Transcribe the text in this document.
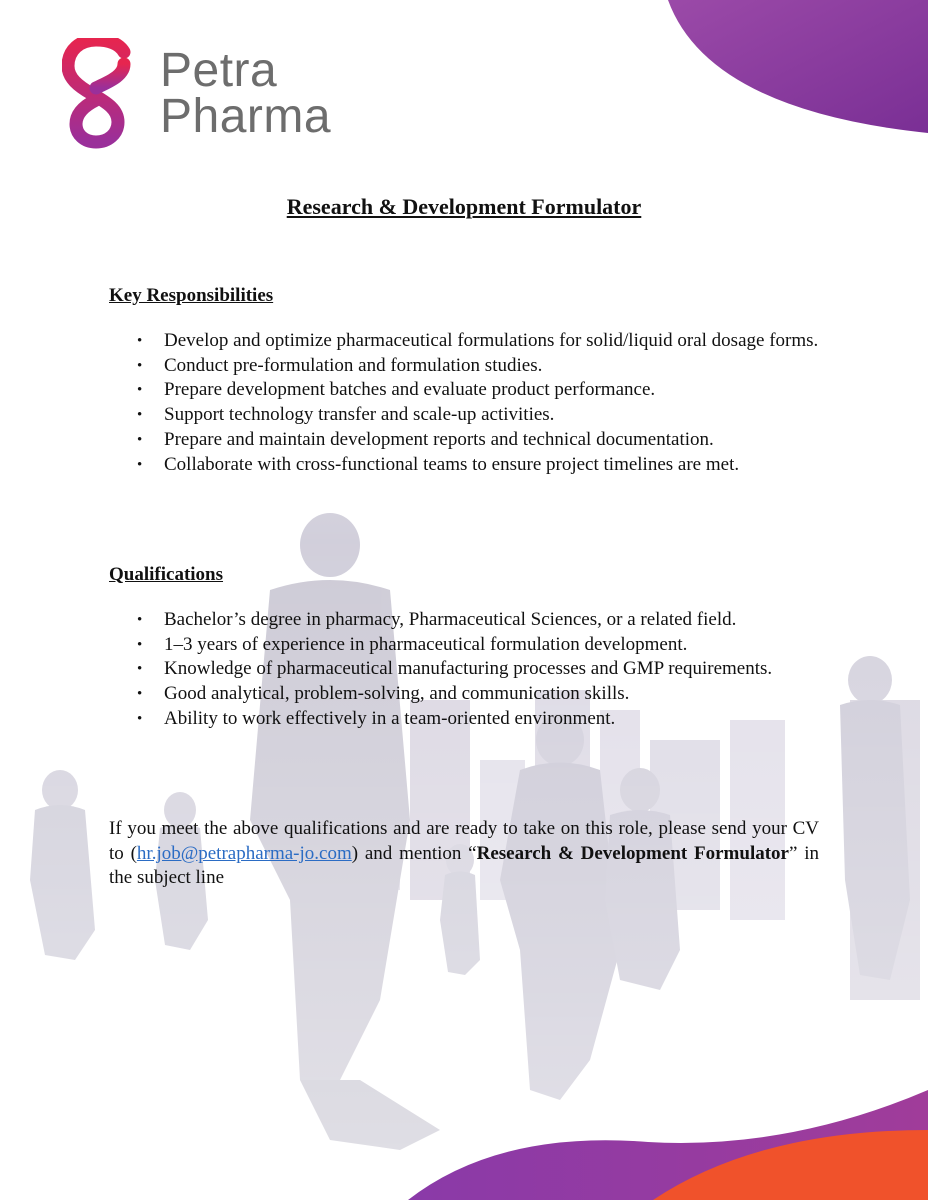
Petra
Pharma
Research & Development Formulator
Key Responsibilities
• Develop and optimize pharmaceutical formulations for solid/liquid oral dosage forms.
• Conduct pre-formulation and formulation studies.
• Prepare development batches and evaluate product performance.
• Support technology transfer and scale-up activities.
• Prepare and maintain development reports and technical documentation.
• Collaborate with cross-functional teams to ensure project timelines are met.
Qualifications
• Bachelor’s degree in pharmacy, Pharmaceutical Sciences, or a related field.
• 1–3 years of experience in pharmaceutical formulation development.
• Knowledge of pharmaceutical manufacturing processes and GMP requirements.
• Good analytical, problem-solving, and communication skills.
• Ability to work effectively in a team-oriented environment.

If you meet the above qualifications and are ready to take on this role, please send your CV to (hr.job@petrapharma-jo.com) and mention “Research & Development Formulator” in the subject line
